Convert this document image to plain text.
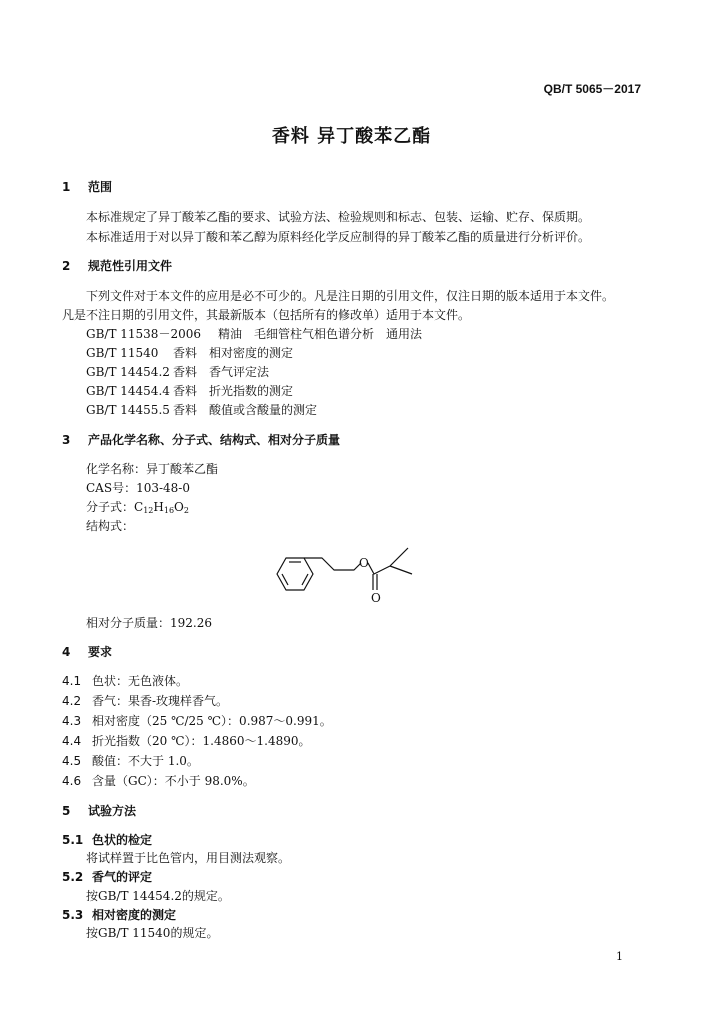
QB/T 5065－2017
香料 异丁酸苯乙酯
1 范围
本标准规定了异丁酸苯乙酯的要求、试验方法、检验规则和标志、包装、运输、贮存、保质期。
本标准适用于对以异丁酸和苯乙醇为原料经化学反应制得的异丁酸苯乙酯的质量进行分析评价。
2 规范性引用文件
下列文件对于本文件的应用是必不可少的。凡是注日期的引用文件，仅注日期的版本适用于本文件。
凡是不注日期的引用文件，其最新版本（包括所有的修改单）适用于本文件。
GB/T 11538－2006 精油　毛细管柱气相色谱分析　通用法
GB/T 11540 香料　相对密度的测定
GB/T 14454.2 香料　香气评定法
GB/T 14454.4 香料　折光指数的测定
GB/T 14455.5 香料　酸值或含酸量的测定
3 产品化学名称、分子式、结构式、相对分子质量
化学名称：异丁酸苯乙酯
CAS号：103-48-0
分子式：$C_{12}H_{16}O_2$
结构式：
O
O
相对分子质量：192.26
4 要求
4.1 色状：无色液体。
4.2 香气：果香-玫瑰样香气。
4.3 相对密度（25 ℃/25 ℃）：0.987～0.991。
4.4 折光指数（20 ℃）：1.4860～1.4890。
4.5 酸值：不大于 1.0。
4.6 含量（GC）：不小于 98.0%。
5 试验方法
5.1 色状的检定
将试样置于比色管内，用目测法观察。
5.2 香气的评定
按GB/T 14454.2的规定。
5.3 相对密度的测定
按GB/T 11540的规定。
1
